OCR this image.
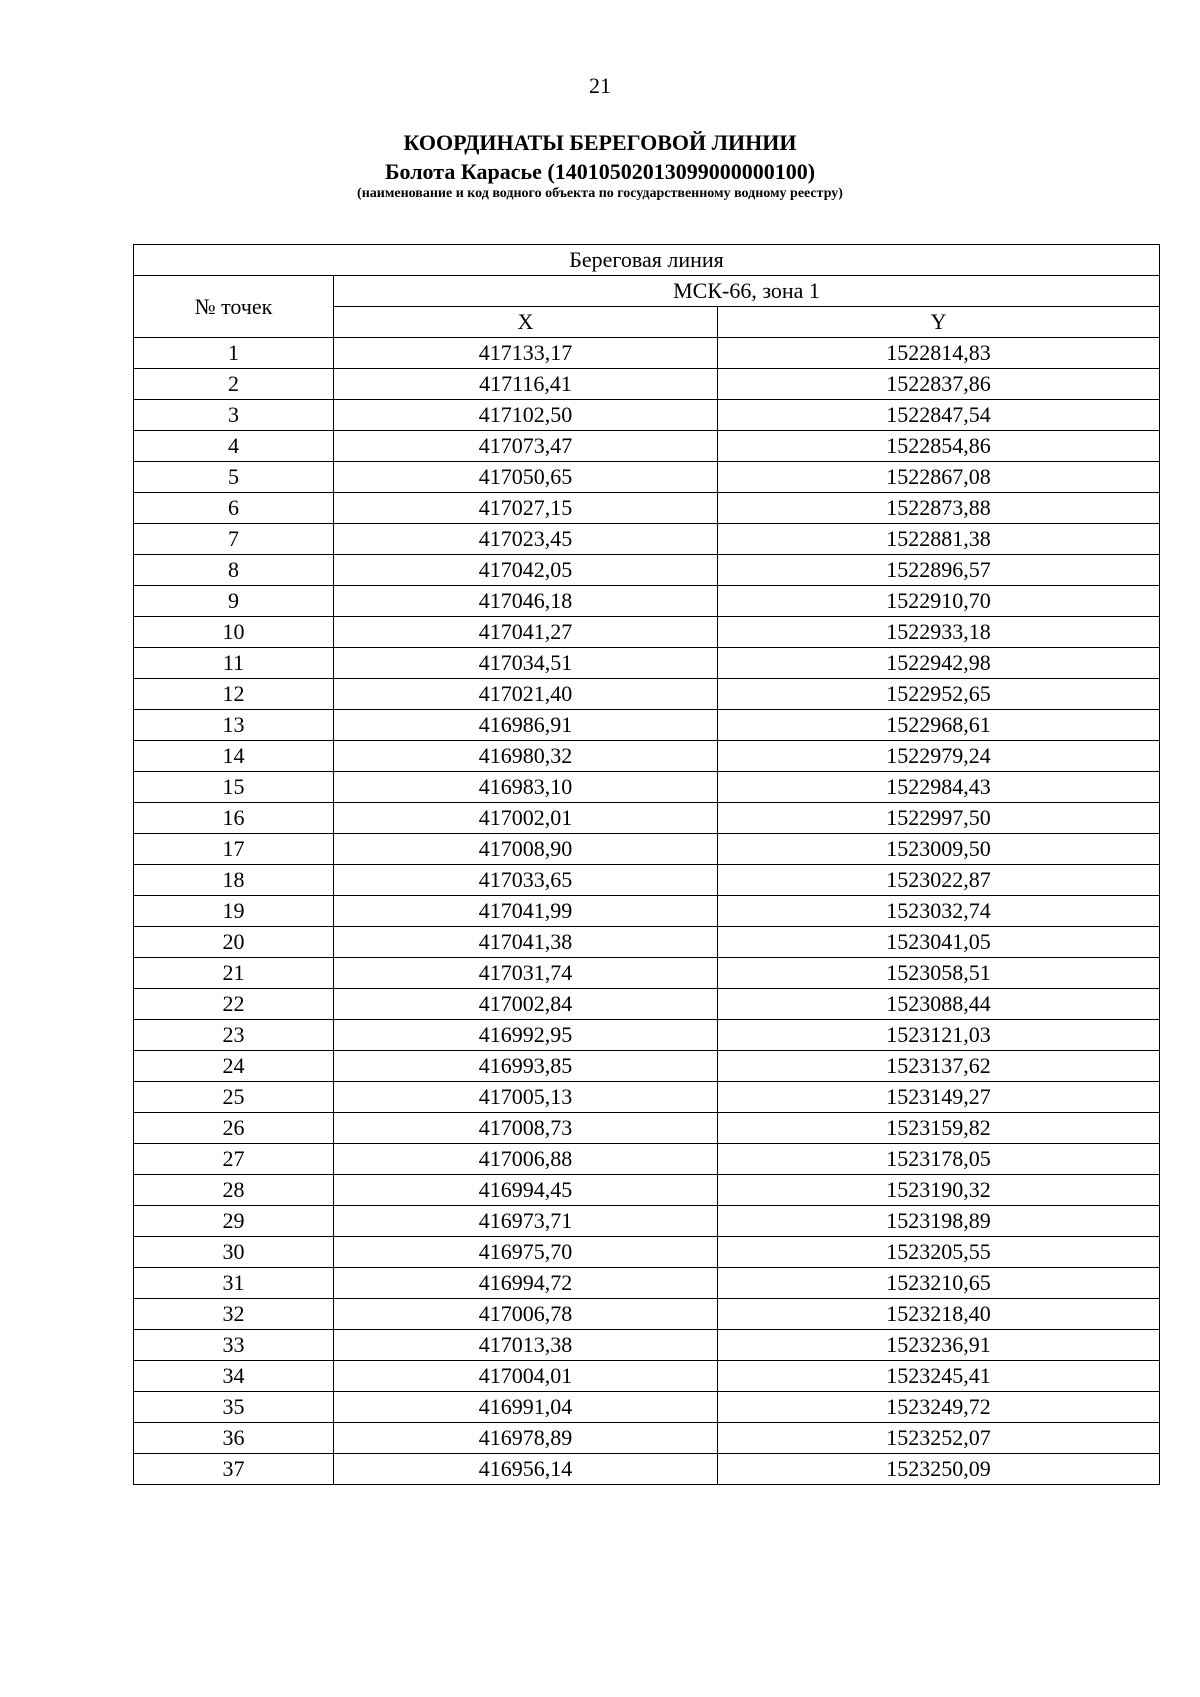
21
КООРДИНАТЫ БЕРЕГОВОЙ ЛИНИИ
Болота Карасье (14010502013099000000100)
(наименование и код водного объекта по государственному водному реестру)
Береговая линия		
№ точек	МСК-66, зона 1	
	X	Y
1	417133,17	1522814,83
2	417116,41	1522837,86
3	417102,50	1522847,54
4	417073,47	1522854,86
5	417050,65	1522867,08
6	417027,15	1522873,88
7	417023,45	1522881,38
8	417042,05	1522896,57
9	417046,18	1522910,70
10	417041,27	1522933,18
11	417034,51	1522942,98
12	417021,40	1522952,65
13	416986,91	1522968,61
14	416980,32	1522979,24
15	416983,10	1522984,43
16	417002,01	1522997,50
17	417008,90	1523009,50
18	417033,65	1523022,87
19	417041,99	1523032,74
20	417041,38	1523041,05
21	417031,74	1523058,51
22	417002,84	1523088,44
23	416992,95	1523121,03
24	416993,85	1523137,62
25	417005,13	1523149,27
26	417008,73	1523159,82
27	417006,88	1523178,05
28	416994,45	1523190,32
29	416973,71	1523198,89
30	416975,70	1523205,55
31	416994,72	1523210,65
32	417006,78	1523218,40
33	417013,38	1523236,91
34	417004,01	1523245,41
35	416991,04	1523249,72
36	416978,89	1523252,07
37	416956,14	1523250,09
